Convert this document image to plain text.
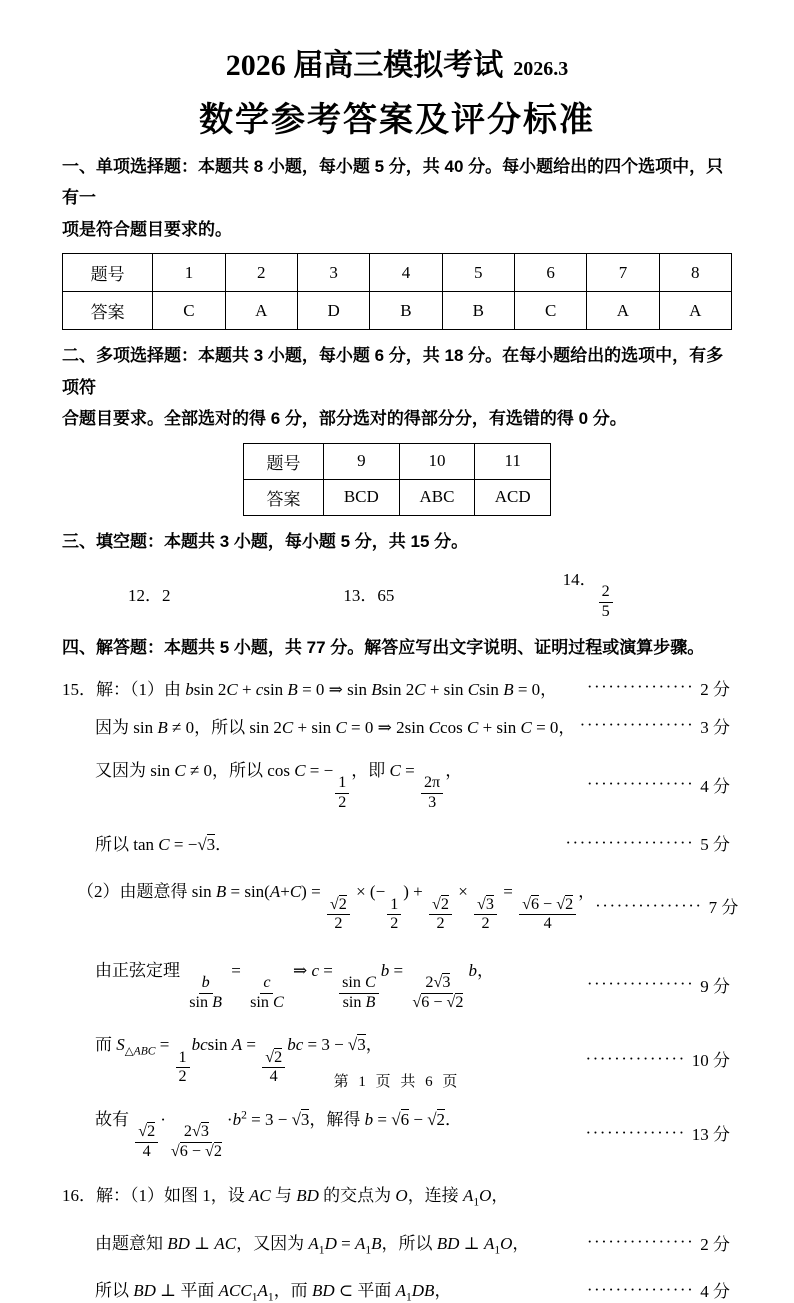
2026 届高三模拟考试 2026.3
数学参考答案及评分标准
一、单项选择题：本题共 8 小题，每小题 5 分，共 40 分。每小题给出的四个选项中，只有一
项是符合题目要求的。
题号	1	2	3	4	5	6	7	8
答案	C	A	D	B	B	C	A	A
二、多项选择题：本题共 3 小题，每小题 6 分，共 18 分。在每小题给出的选项中，有多项符
合题目要求。全部选对的得 6 分，部分选对的得部分分，有选错的得 0 分。
题号	9	10	11
答案	BCD	ABC	ACD
三、填空题：本题共 3 小题，每小题 5 分，共 15 分。
12．2	13．65
14．
$\frac{2}{5}$
四、解答题：本题共 5 小题，共 77 分。解答应写出文字说明、证明过程或演算步骤。
15．解：（1）由 bsin 2C + csin B = 0 ⇒ sin Bsin 2C + sin Csin B = 0， ··············· 2 分
因为 sin B ≠ 0，所以 sin 2C + sin C = 0 ⇒ 2sin Ccos C + sin C = 0， ················ 3 分
又因为 sin C ≠ 0，所以 cos C = −
$\frac{1}{2}$
，即 C =
$\frac{2\pi}{3}$
，
··············· 4 分
所以 tan C = −√3．	·················· 5 分
（2）由题意得 sin B = sin(A+C) =
$\frac{√2}{2}$
× (−
$\frac{1}{2}$
) +
$\frac{√2}{2}$
×
$\frac{√3}{2}$
=
$\frac{√6 - √2}{4}$
，
··············· 7 分
由正弦定理
$\frac{b}{\text{sin B}}$
=
$\frac{c}{\text{sin C}}$
⇒ c =
$\frac{\text{sin C}}{\text{sin B}}$
b =
$\frac{2√3}{√6 - √2}$
b，
··············· 9 分
而 $S_{\triangle ABC}$ =
$\frac{1}{2}$
bcsin A =
$\frac{√2}{4}$
bc = 3 − √3，
·············· 10 分
故有
$\frac{√2}{4}$
·
$\frac{2√3}{√6 - √2}$
$\cdot b^2 = 3 - √3$，解得 b = √6 − √2．
·············· 13 分
16．解：（1）如图 1，设 AC 与 BD 的交点为 O，连接 $A_1O$，
由题意知 BD ⊥ AC，又因为 $A_1D = A_1B$，所以 BD ⊥ $A_1O$，	··············· 2 分
所以 BD ⊥ 平面 $ACC_1A_1$，而 BD ⊂ 平面 $A_1DB$，	··············· 4 分
第 1 页 共 6 页
